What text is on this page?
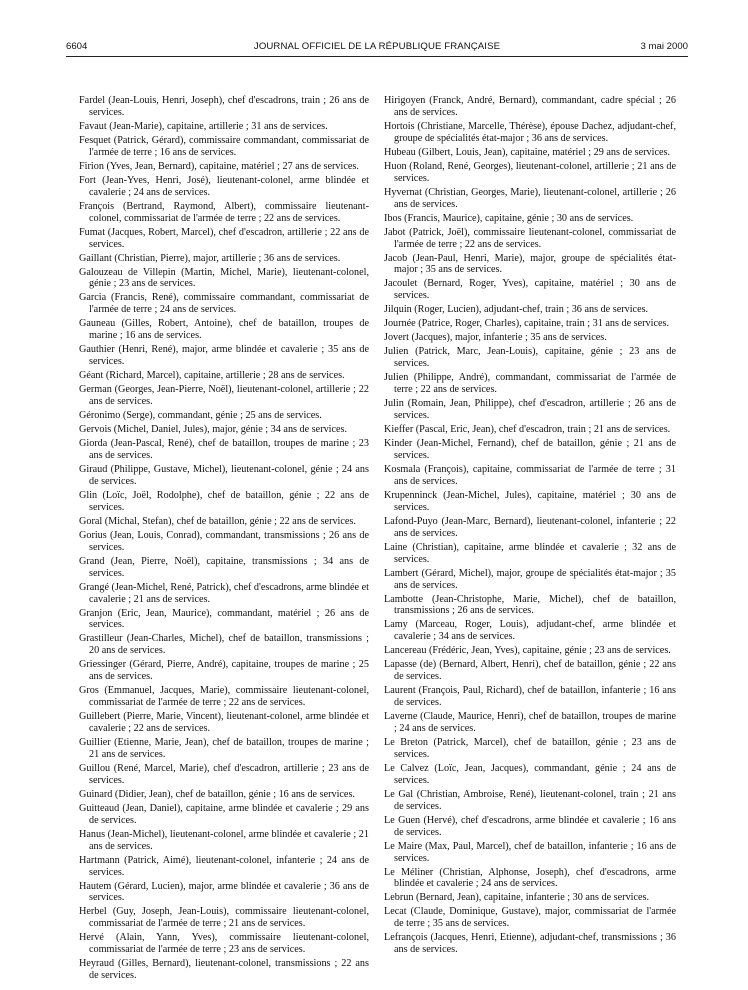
6604	JOURNAL OFFICIEL DE LA RÉPUBLIQUE FRANÇAISE	3 mai 2000

Fardel (Jean-Louis, Henri, Joseph), chef d'escadrons, train ; 26 ans de services.

Favaut (Jean-Marie), capitaine, artillerie ; 31 ans de services.

Fesquet (Patrick, Gérard), commissaire commandant, commissariat de l'armée de terre ; 16 ans de services.

Firion (Yves, Jean, Bernard), capitaine, matériel ; 27 ans de services.

Fort (Jean-Yves, Henri, José), lieutenant-colonel, arme blindée et cavalerie ; 24 ans de services.

François (Bertrand, Raymond, Albert), commissaire lieutenant-colonel, commissariat de l'armée de terre ; 22 ans de services.

Fumat (Jacques, Robert, Marcel), chef d'escadron, artillerie ; 22 ans de services.

Gaillant (Christian, Pierre), major, artillerie ; 36 ans de services.

Galouzeau de Villepin (Martin, Michel, Marie), lieutenant-colonel, génie ; 23 ans de services.

Garcia (Francis, René), commissaire commandant, commissariat de l'armée de terre ; 24 ans de services.

Gauneau (Gilles, Robert, Antoine), chef de bataillon, troupes de marine ; 16 ans de services.

Gauthier (Henri, René), major, arme blindée et cavalerie ; 35 ans de services.

Géant (Richard, Marcel), capitaine, artillerie ; 28 ans de services.

German (Georges, Jean-Pierre, Noël), lieutenant-colonel, artillerie ; 22 ans de services.

Géronimo (Serge), commandant, génie ; 25 ans de services.

Gervois (Michel, Daniel, Jules), major, génie ; 34 ans de services.

Giorda (Jean-Pascal, René), chef de bataillon, troupes de marine ; 23 ans de services.

Giraud (Philippe, Gustave, Michel), lieutenant-colonel, génie ; 24 ans de services.

Glin (Loïc, Joël, Rodolphe), chef de bataillon, génie ; 22 ans de services.

Goral (Michal, Stefan), chef de bataillon, génie ; 22 ans de services.

Gorius (Jean, Louis, Conrad), commandant, transmissions ; 26 ans de services.

Grand (Jean, Pierre, Noël), capitaine, transmissions ; 34 ans de services.

Grangé (Jean-Michel, René, Patrick), chef d'escadrons, arme blindée et cavalerie ; 21 ans de services.

Granjon (Eric, Jean, Maurice), commandant, matériel ; 26 ans de services.

Grastilleur (Jean-Charles, Michel), chef de bataillon, transmissions ; 20 ans de services.

Griessinger (Gérard, Pierre, André), capitaine, troupes de marine ; 25 ans de services.

Gros (Emmanuel, Jacques, Marie), commissaire lieutenant-colonel, commissariat de l'armée de terre ; 22 ans de services.

Guillebert (Pierre, Marie, Vincent), lieutenant-colonel, arme blindée et cavalerie ; 22 ans de services.

Guillier (Etienne, Marie, Jean), chef de bataillon, troupes de marine ; 21 ans de services.

Guillou (René, Marcel, Marie), chef d'escadron, artillerie ; 23 ans de services.

Guinard (Didier, Jean), chef de bataillon, génie ; 16 ans de services.

Guitteaud (Jean, Daniel), capitaine, arme blindée et cavalerie ; 29 ans de services.

Hanus (Jean-Michel), lieutenant-colonel, arme blindée et cavalerie ; 21 ans de services.

Hartmann (Patrick, Aimé), lieutenant-colonel, infanterie ; 24 ans de services.

Hautem (Gérard, Lucien), major, arme blindée et cavalerie ; 36 ans de services.

Herbel (Guy, Joseph, Jean-Louis), commissaire lieutenant-colonel, commissariat de l'armée de terre ; 21 ans de services.

Hervé (Alain, Yann, Yves), commissaire lieutenant-colonel, commissariat de l'armée de terre ; 23 ans de services.

Heyraud (Gilles, Bernard), lieutenant-colonel, transmissions ; 22 ans de services.

Hirigoyen (Franck, André, Bernard), commandant, cadre spécial ; 26 ans de services.

Hortois (Christiane, Marcelle, Thérèse), épouse Dachez, adjudant-chef, groupe de spécialités état-major ; 36 ans de services.

Hubeau (Gilbert, Louis, Jean), capitaine, matériel ; 29 ans de services.

Huon (Roland, René, Georges), lieutenant-colonel, artillerie ; 21 ans de services.

Hyvernat (Christian, Georges, Marie), lieutenant-colonel, artillerie ; 26 ans de services.

Ibos (Francis, Maurice), capitaine, génie ; 30 ans de services.

Jabot (Patrick, Joël), commissaire lieutenant-colonel, commissariat de l'armée de terre ; 22 ans de services.

Jacob (Jean-Paul, Henri, Marie), major, groupe de spécialités état-major ; 35 ans de services.

Jacoulet (Bernard, Roger, Yves), capitaine, matériel ; 30 ans de services.

Jilquin (Roger, Lucien), adjudant-chef, train ; 36 ans de services.

Journée (Patrice, Roger, Charles), capitaine, train ; 31 ans de services.

Jovert (Jacques), major, infanterie ; 35 ans de services.

Julien (Patrick, Marc, Jean-Louis), capitaine, génie ; 23 ans de services.

Julien (Philippe, André), commandant, commissariat de l'armée de terre ; 22 ans de services.

Julin (Romain, Jean, Philippe), chef d'escadron, artillerie ; 26 ans de services.

Kieffer (Pascal, Eric, Jean), chef d'escadron, train ; 21 ans de services.

Kinder (Jean-Michel, Fernand), chef de bataillon, génie ; 21 ans de services.

Kosmala (François), capitaine, commissariat de l'armée de terre ; 31 ans de services.

Krupenninck (Jean-Michel, Jules), capitaine, matériel ; 30 ans de services.

Lafond-Puyo (Jean-Marc, Bernard), lieutenant-colonel, infanterie ; 22 ans de services.

Laine (Christian), capitaine, arme blindée et cavalerie ; 32 ans de services.

Lambert (Gérard, Michel), major, groupe de spécialités état-major ; 35 ans de services.

Lambotte (Jean-Christophe, Marie, Michel), chef de bataillon, transmissions ; 26 ans de services.

Lamy (Marceau, Roger, Louis), adjudant-chef, arme blindée et cavalerie ; 34 ans de services.

Lancereau (Frédéric, Jean, Yves), capitaine, génie ; 23 ans de services.

Lapasse (de) (Bernard, Albert, Henri), chef de bataillon, génie ; 22 ans de services.

Laurent (François, Paul, Richard), chef de bataillon, infanterie ; 16 ans de services.

Laverne (Claude, Maurice, Henri), chef de bataillon, troupes de marine ; 24 ans de services.

Le Breton (Patrick, Marcel), chef de bataillon, génie ; 23 ans de services.

Le Calvez (Loïc, Jean, Jacques), commandant, génie ; 24 ans de services.

Le Gal (Christian, Ambroise, René), lieutenant-colonel, train ; 21 ans de services.

Le Guen (Hervé), chef d'escadrons, arme blindée et cavalerie ; 16 ans de services.

Le Maire (Max, Paul, Marcel), chef de bataillon, infanterie ; 16 ans de services.

Le Méliner (Christian, Alphonse, Joseph), chef d'escadrons, arme blindée et cavalerie ; 24 ans de services.

Lebrun (Bernard, Jean), capitaine, infanterie ; 30 ans de services.

Lecat (Claude, Dominique, Gustave), major, commissariat de l'armée de terre ; 35 ans de services.

Lefrançois (Jacques, Henri, Etienne), adjudant-chef, transmissions ; 36 ans de services.
